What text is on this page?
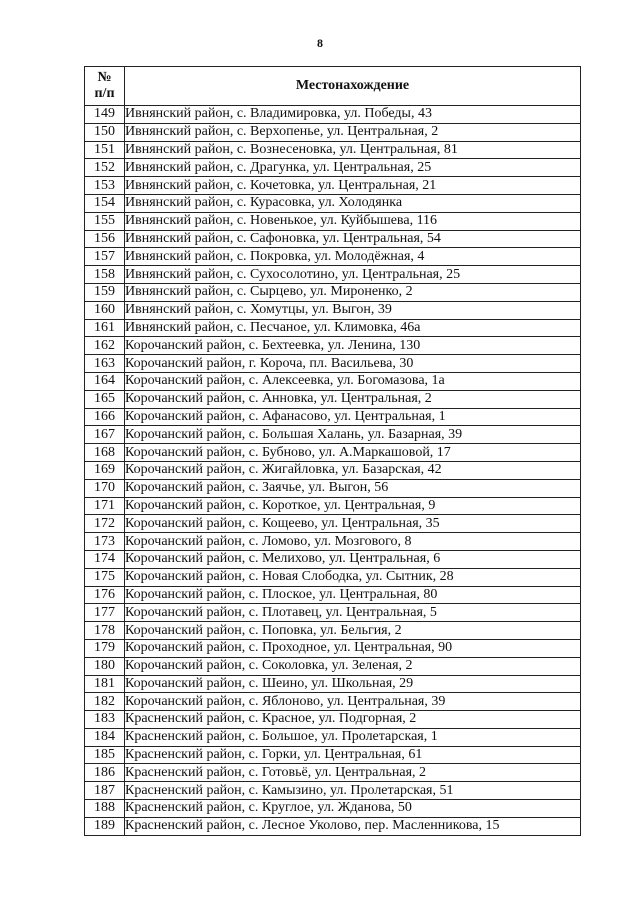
8
№
п/п	Местонахождение
149	Ивнянский район, с. Владимировка, ул. Победы, 43
150	Ивнянский район, с. Верхопенье, ул. Центральная, 2
151	Ивнянский район, с. Вознесеновка, ул. Центральная, 81
152	Ивнянский район, с. Драгунка, ул. Центральная, 25
153	Ивнянский район, с. Кочетовка, ул. Центральная, 21
154	Ивнянский район, с. Курасовка, ул. Холодянка
155	Ивнянский район, с. Новенькое, ул. Куйбышева, 116
156	Ивнянский район, с. Сафоновка, ул. Центральная, 54
157	Ивнянский район, с. Покровка, ул. Молодёжная, 4
158	Ивнянский район, с. Сухосолотино, ул. Центральная, 25
159	Ивнянский район, с. Сырцево, ул. Мироненко, 2
160	Ивнянский район, с. Хомутцы, ул. Выгон, 39
161	Ивнянский район, с. Песчаное, ул. Климовка, 46а
162	Корочанский район, с. Бехтеевка, ул. Ленина, 130
163	Корочанский район, г. Короча, пл. Васильева, 30
164	Корочанский район, с. Алексеевка, ул. Богомазова, 1а
165	Корочанский район, с. Анновка, ул. Центральная, 2
166	Корочанский район, с. Афанасово, ул. Центральная, 1
167	Корочанский район, с. Большая Халань, ул. Базарная, 39
168	Корочанский район, с. Бубново, ул. А.Маркашовой, 17
169	Корочанский район, с. Жигайловка, ул. Базарская, 42
170	Корочанский район, с. Заячье, ул. Выгон, 56
171	Корочанский район, с. Короткое, ул. Центральная, 9
172	Корочанский район, с. Кощеево, ул. Центральная, 35
173	Корочанский район, с. Ломово, ул. Мозгового, 8
174	Корочанский район, с. Мелихово, ул. Центральная, 6
175	Корочанский район, с. Новая Слободка, ул. Сытник, 28
176	Корочанский район, с. Плоское, ул. Центральная, 80
177	Корочанский район, с. Плотавец, ул. Центральная, 5
178	Корочанский район, с. Поповка, ул. Бельгия, 2
179	Корочанский район, с. Проходное, ул. Центральная, 90
180	Корочанский район, с. Соколовка, ул. Зеленая, 2
181	Корочанский район, с. Шеино, ул. Школьная, 29
182	Корочанский район, с. Яблоново, ул. Центральная, 39
183	Красненский район, с. Красное, ул. Подгорная, 2
184	Красненский район, с. Большое, ул. Пролетарская, 1
185	Красненский район, с. Горки, ул. Центральная, 61
186	Красненский район, с. Готовьё, ул. Центральная, 2
187	Красненский район, с. Камызино, ул. Пролетарская, 51
188	Красненский район, с. Круглое, ул. Жданова, 50
189	Красненский район, с. Лесное Уколово, пер. Масленникова, 15
